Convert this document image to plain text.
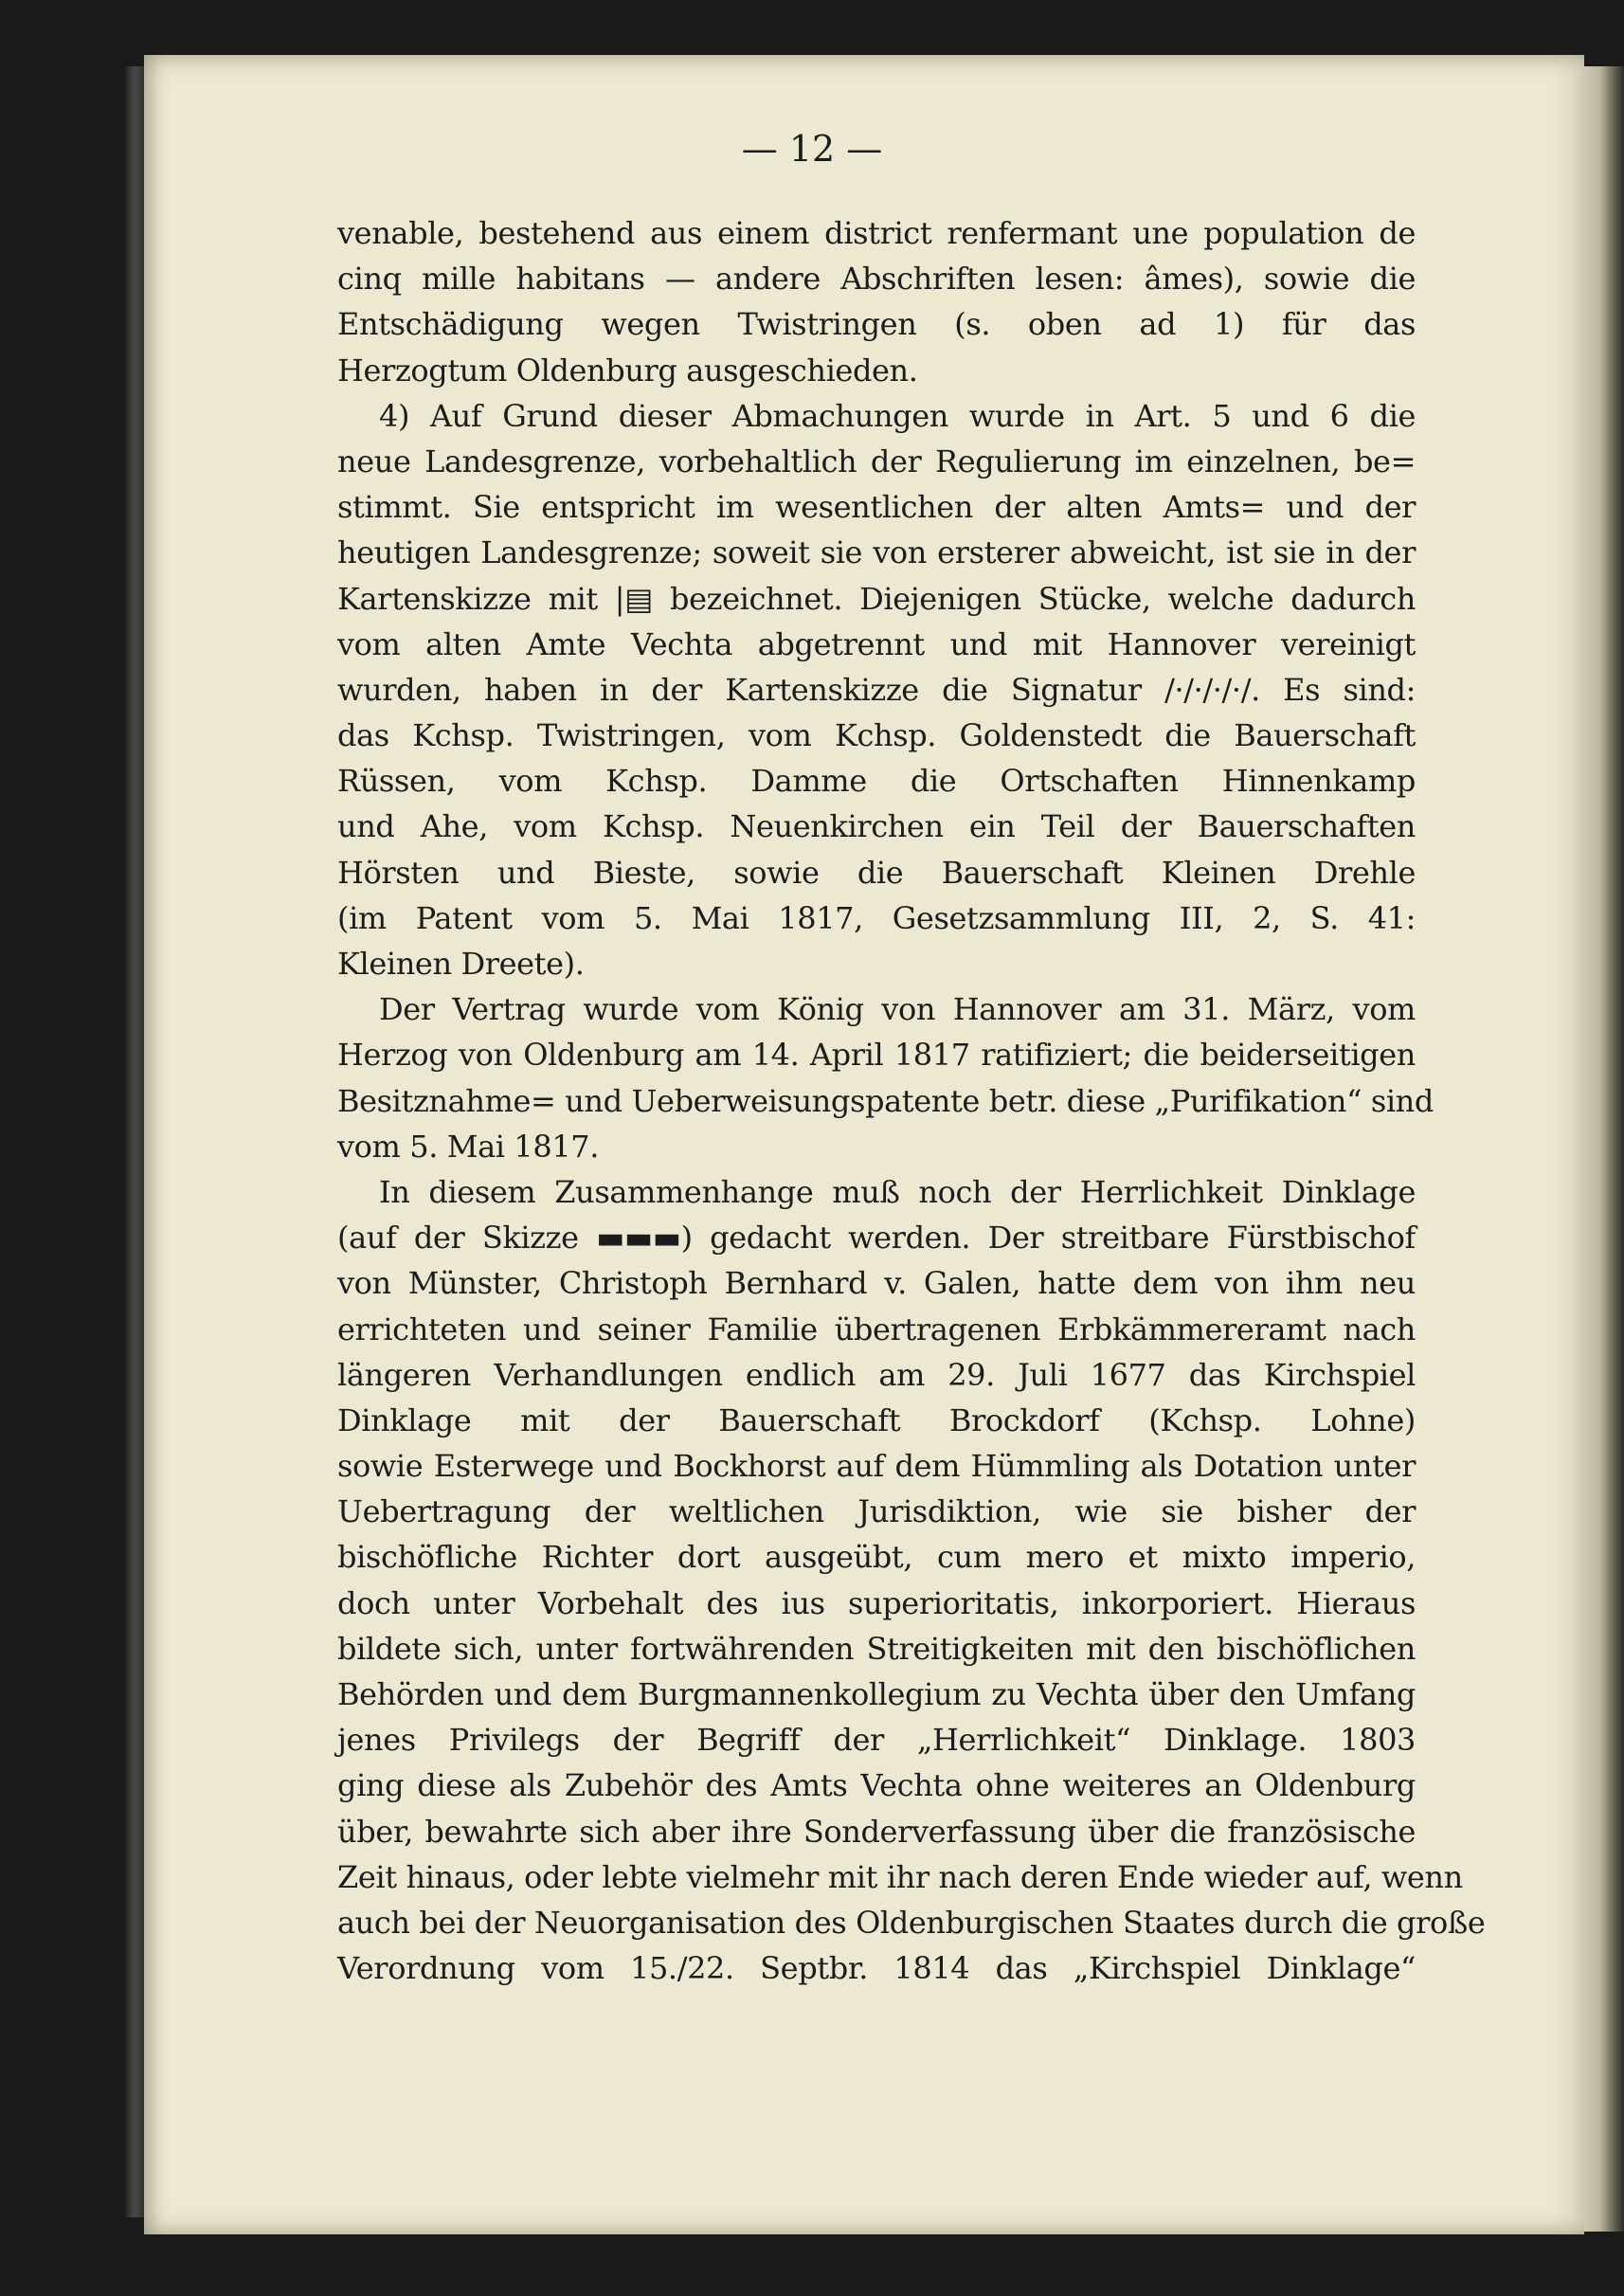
— 12 —
venable, bestehend aus einem district renfermant une population de
cinq mille habitans — andere Abschriften lesen: âmes), sowie die
Entschädigung wegen Twistringen (s. oben ad 1) für das
Herzogtum Oldenburg ausgeschieden.
4) Auf Grund dieser Abmachungen wurde in Art. 5 und 6 die
neue Landesgrenze, vorbehaltlich der Regulierung im einzelnen, be=
stimmt. Sie entspricht im wesentlichen der alten Amts= und der
heutigen Landesgrenze; soweit sie von ersterer abweicht, ist sie in der
Kartenskizze mit |▤ bezeichnet. Diejenigen Stücke, welche dadurch
vom alten Amte Vechta abgetrennt und mit Hannover vereinigt
wurden, haben in der Kartenskizze die Signatur /·/·/·/·/. Es sind:
das Kchsp. Twistringen, vom Kchsp. Goldenstedt die Bauerschaft
Rüssen, vom Kchsp. Damme die Ortschaften Hinnenkamp
und Ahe, vom Kchsp. Neuenkirchen ein Teil der Bauerschaften
Hörsten und Bieste, sowie die Bauerschaft Kleinen Drehle
(im Patent vom 5. Mai 1817, Gesetzsammlung III, 2, S. 41:
Kleinen Dreete).
Der Vertrag wurde vom König von Hannover am 31. März, vom
Herzog von Oldenburg am 14. April 1817 ratifiziert; die beiderseitigen
Besitznahme= und Ueberweisungspatente betr. diese „Purifikation“ sind
vom 5. Mai 1817.
In diesem Zusammenhange muß noch der Herrlichkeit Dinklage
(auf der Skizze ▬▬▬) gedacht werden. Der streitbare Fürstbischof
von Münster, Christoph Bernhard v. Galen, hatte dem von ihm neu
errichteten und seiner Familie übertragenen Erbkämmereramt nach
längeren Verhandlungen endlich am 29. Juli 1677 das Kirchspiel
Dinklage mit der Bauerschaft Brockdorf (Kchsp. Lohne)
sowie Esterwege und Bockhorst auf dem Hümmling als Dotation unter
Uebertragung der weltlichen Jurisdiktion, wie sie bisher der
bischöfliche Richter dort ausgeübt, cum mero et mixto imperio,
doch unter Vorbehalt des ius superioritatis, inkorporiert. Hieraus
bildete sich, unter fortwährenden Streitigkeiten mit den bischöflichen
Behörden und dem Burgmannenkollegium zu Vechta über den Umfang
jenes Privilegs der Begriff der „Herrlichkeit“ Dinklage. 1803
ging diese als Zubehör des Amts Vechta ohne weiteres an Oldenburg
über, bewahrte sich aber ihre Sonderverfassung über die französische
Zeit hinaus, oder lebte vielmehr mit ihr nach deren Ende wieder auf, wenn
auch bei der Neuorganisation des Oldenburgischen Staates durch die große
Verordnung vom 15./22. Septbr. 1814 das „Kirchspiel Dinklage“
